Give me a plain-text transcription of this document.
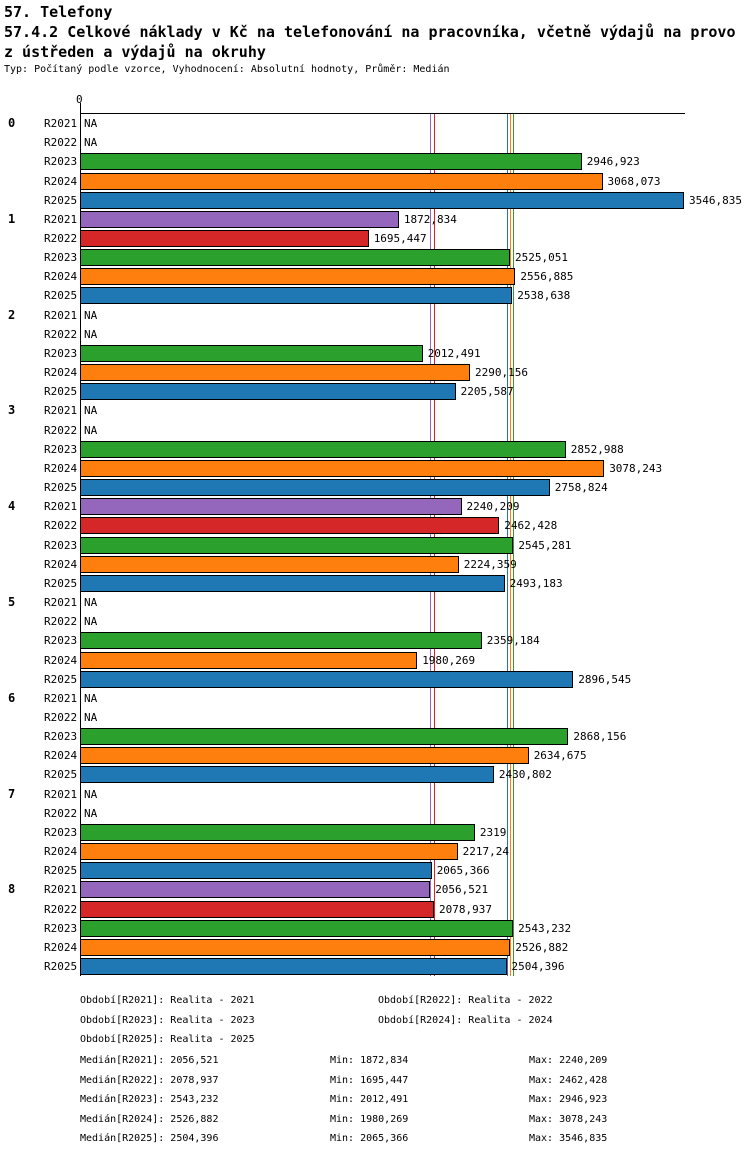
57. Telefony
57.4.2 Celkové náklady v Kč na telefonování na pracovníka, včetně výdajů na provo
z ústředen a výdajů na okruhy
Typ: Počítaný podle vzorce, Vyhodnocení: Absolutní hodnoty, Průměr: Medián
0
0	R2021 NA
R2022 NA
R2023	2946,923
R2024	3068,073
R2025	3546,835
1	R2021	1872,834
R2022	1695,447
R2023	2525,051
R2024	2556,885
R2025	2538,638
2	R2021 NA
R2022 NA
R2023	2012,491
R2024	2290,156
R2025	2205,587
3	R2021 NA
R2022 NA
R2023	2852,988
R2024	3078,243
R2025	2758,824
4	R2021	2240,209
R2022	2462,428
R2023	2545,281
R2024	2224,359
R2025	2493,183
5	R2021 NA
R2022 NA
R2023	2359,184
R2024	1980,269
R2025	2896,545
6	R2021 NA
R2022 NA
R2023	2868,156
R2024	2634,675
R2025	2430,802
7	R2021 NA
R2022 NA
R2023	2319
R2024	2217,24
R2025	2065,366
8	R2021	2056,521
R2022	2078,937
R2023	2543,232
R2024	2526,882
R2025	2504,396
Období[R2021]: Realita - 2021	Období[R2022]: Realita - 2022
Období[R2023]: Realita - 2023	Období[R2024]: Realita - 2024
Období[R2025]: Realita - 2025
Medián[R2021]: 2056,521	Min: 1872,834	Max: 2240,209
Medián[R2022]: 2078,937	Min: 1695,447	Max: 2462,428
Medián[R2023]: 2543,232	Min: 2012,491	Max: 2946,923
Medián[R2024]: 2526,882	Min: 1980,269	Max: 3078,243
Medián[R2025]: 2504,396	Min: 2065,366	Max: 3546,835
